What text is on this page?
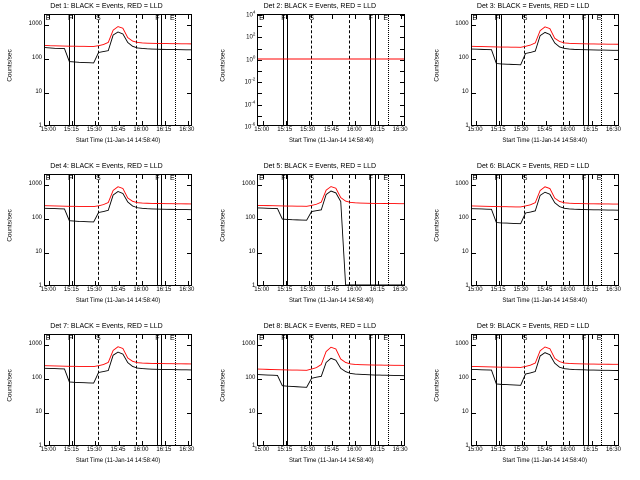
Det 1: BLACK = Events, RED = LLD
Counts/sec
1000
100
10
1
15:00 15:15 15:30 15:45 16:00 16:15 16:30
Start Time (11-Jan-14 14:58:40)
E	F	S	F E
Det 2: BLACK = Events, RED = LLD
Counts/sec
$10^4$
$10^2$
$10^0$
$10^{-2}$
$10^{-4}$
$10^{-6}$
15:00 15:15 15:30 15:45 16:00 16:15 16:30
Start Time (11-Jan-14 14:58:40)
E	F	S	F E
Det 3: BLACK = Events, RED = LLD
Counts/sec
1000
100
10
1
15:00 15:15 15:30 15:45 16:00 16:15 16:30
Start Time (11-Jan-14 14:58:40)
E	F	S	F E
Det 4: BLACK = Events, RED = LLD
Counts/sec
1000
100
10
1
15:00 15:15 15:30 15:45 16:00 16:15 16:30
Start Time (11-Jan-14 14:58:40)
E	F	S	F E
Det 5: BLACK = Events, RED = LLD
Counts/sec
1000
100
10
1
15:00 15:15 15:30 15:45 16:00 16:15 16:30
Start Time (11-Jan-14 14:58:40)
E	F	S	F E
Det 6: BLACK = Events, RED = LLD
Counts/sec
1000
100
10
1
15:00 15:15 15:30 15:45 16:00 16:15 16:30
Start Time (11-Jan-14 14:58:40)
E	F	S	F E
Det 7: BLACK = Events, RED = LLD
Counts/sec
1000
100
10
1
15:00 15:15 15:30 15:45 16:00 16:15 16:30
Start Time (11-Jan-14 14:58:40)
E	F	S	F E
Det 8: BLACK = Events, RED = LLD
Counts/sec
1000
100
10
1
15:00 15:15 15:30 15:45 16:00 16:15 16:30
Start Time (11-Jan-14 14:58:40)
E	F	S	F E
Det 9: BLACK = Events, RED = LLD
Counts/sec
1000
100
10
1
15:00 15:15 15:30 15:45 16:00 16:15 16:30
Start Time (11-Jan-14 14:58:40)
E	F	S	F E
